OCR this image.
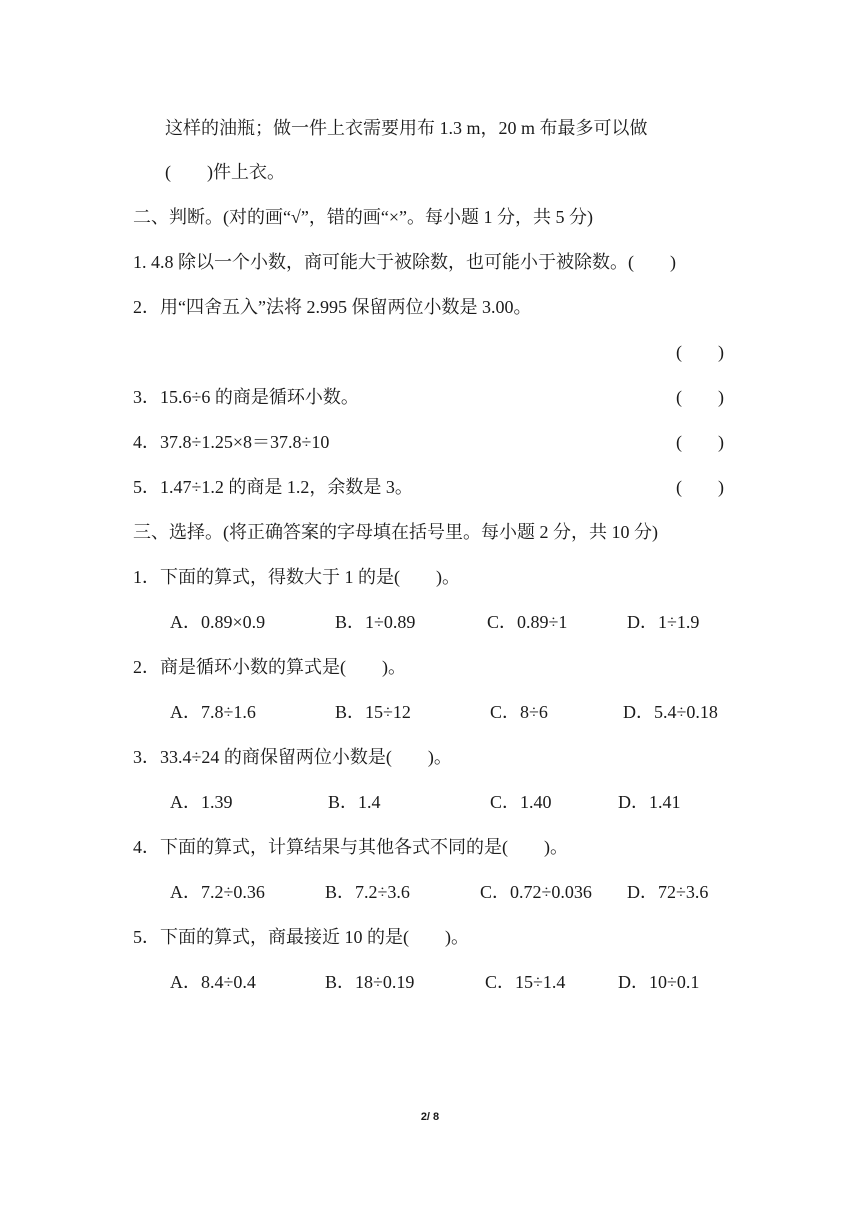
这样的油瓶；做一件上衣需要用布 1.3 m，20 m 布最多可以做
(　　)件上衣。
二、判断。(对的画“√”，错的画“×”。每小题 1 分，共 5 分)
1. 4.8 除以一个小数，商可能大于被除数，也可能小于被除数。(　　)
2．用“四舍五入”法将 2.995 保留两位小数是 3.00。
(　　)
3．15.6÷6 的商是循环小数。	(　　)
4．37.8÷1.25×8＝37.8÷10	(　　)
5．1.47÷1.2 的商是 1.2，余数是 3。	(　　)
三、选择。(将正确答案的字母填在括号里。每小题 2 分，共 10 分)
1．下面的算式，得数大于 1 的是(　　)。
A．0.89×0.9	B．1÷0.89	C．0.89÷1	D．1÷1.9
2．商是循环小数的算式是(　　)。
A．7.8÷1.6	B．15÷12	C．8÷6	D．5.4÷0.18
3．33.4÷24 的商保留两位小数是(　　)。
A．1.39	B．1.4	C．1.40	D．1.41
4．下面的算式，计算结果与其他各式不同的是(　　)。
A．7.2÷0.36	B．7.2÷3.6	C．0.72÷0.036 D．72÷3.6
5．下面的算式，商最接近 10 的是(　　)。
A．8.4÷0.4	B．18÷0.19	C．15÷1.4	D．10÷0.1
2/ 8
